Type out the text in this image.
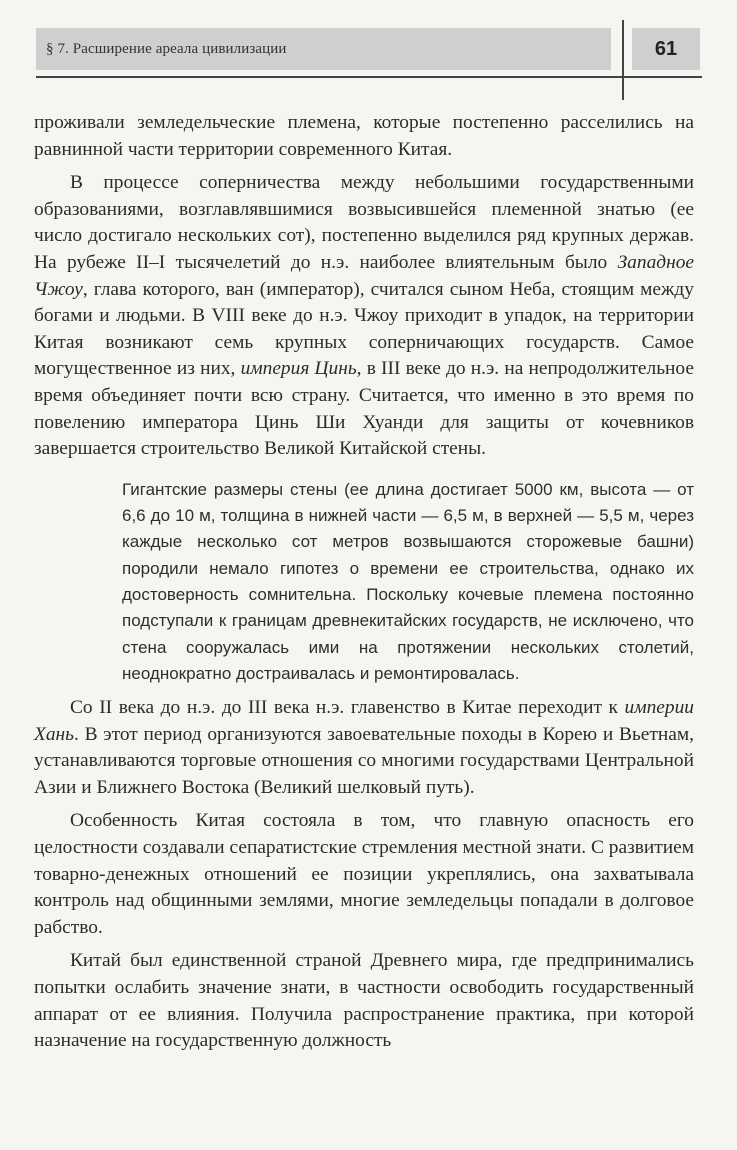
§ 7. Расширение ареала цивилизации	61

проживали земледельческие племена, которые постепенно расселились на равнинной части территории современного Китая.

В процессе соперничества между небольшими государственными образованиями, возглавлявшимися возвысившейся племенной знатью (ее число достигало нескольких сот), постепенно выделился ряд крупных держав. На рубеже II–I тысячелетий до н.э. наиболее влиятельным было Западное Чжоу, глава которого, ван (император), считался сыном Неба, стоящим между богами и людьми. В VIII веке до н.э. Чжоу приходит в упадок, на территории Китая возникают семь крупных соперничающих государств. Самое могущественное из них, империя Цинь, в III веке до н.э. на непродолжительное время объединяет почти всю страну. Считается, что именно в это время по повелению императора Цинь Ши Хуанди для защиты от кочевников завершается строительство Великой Китайской стены.

Гигантские размеры стены (ее длина достигает 5000 км, высота — от 6,6 до 10 м, толщина в нижней части — 6,5 м, в верхней — 5,5 м, через каждые несколько сот метров возвышаются сторожевые башни) породили немало гипотез о времени ее строительства, однако их достоверность сомнительна. Поскольку кочевые племена постоянно подступали к границам древнекитайских государств, не исключено, что стена сооружалась ими на протяжении нескольких столетий, неоднократно достраивалась и ремонтировалась.

Со II века до н.э. до III века н.э. главенство в Китае переходит к империи Хань. В этот период организуются завоевательные походы в Корею и Вьетнам, устанавливаются торговые отношения со многими государствами Центральной Азии и Ближнего Востока (Великий шелковый путь).

Особенность Китая состояла в том, что главную опасность его целостности создавали сепаратистские стремления местной знати. С развитием товарно-денежных отношений ее позиции укреплялись, она захватывала контроль над общинными землями, многие земледельцы попадали в долговое рабство.

Китай был единственной страной Древнего мира, где предпринимались попытки ослабить значение знати, в частности освободить государственный аппарат от ее влияния. Получила распространение практика, при которой назначение на государственную должность
